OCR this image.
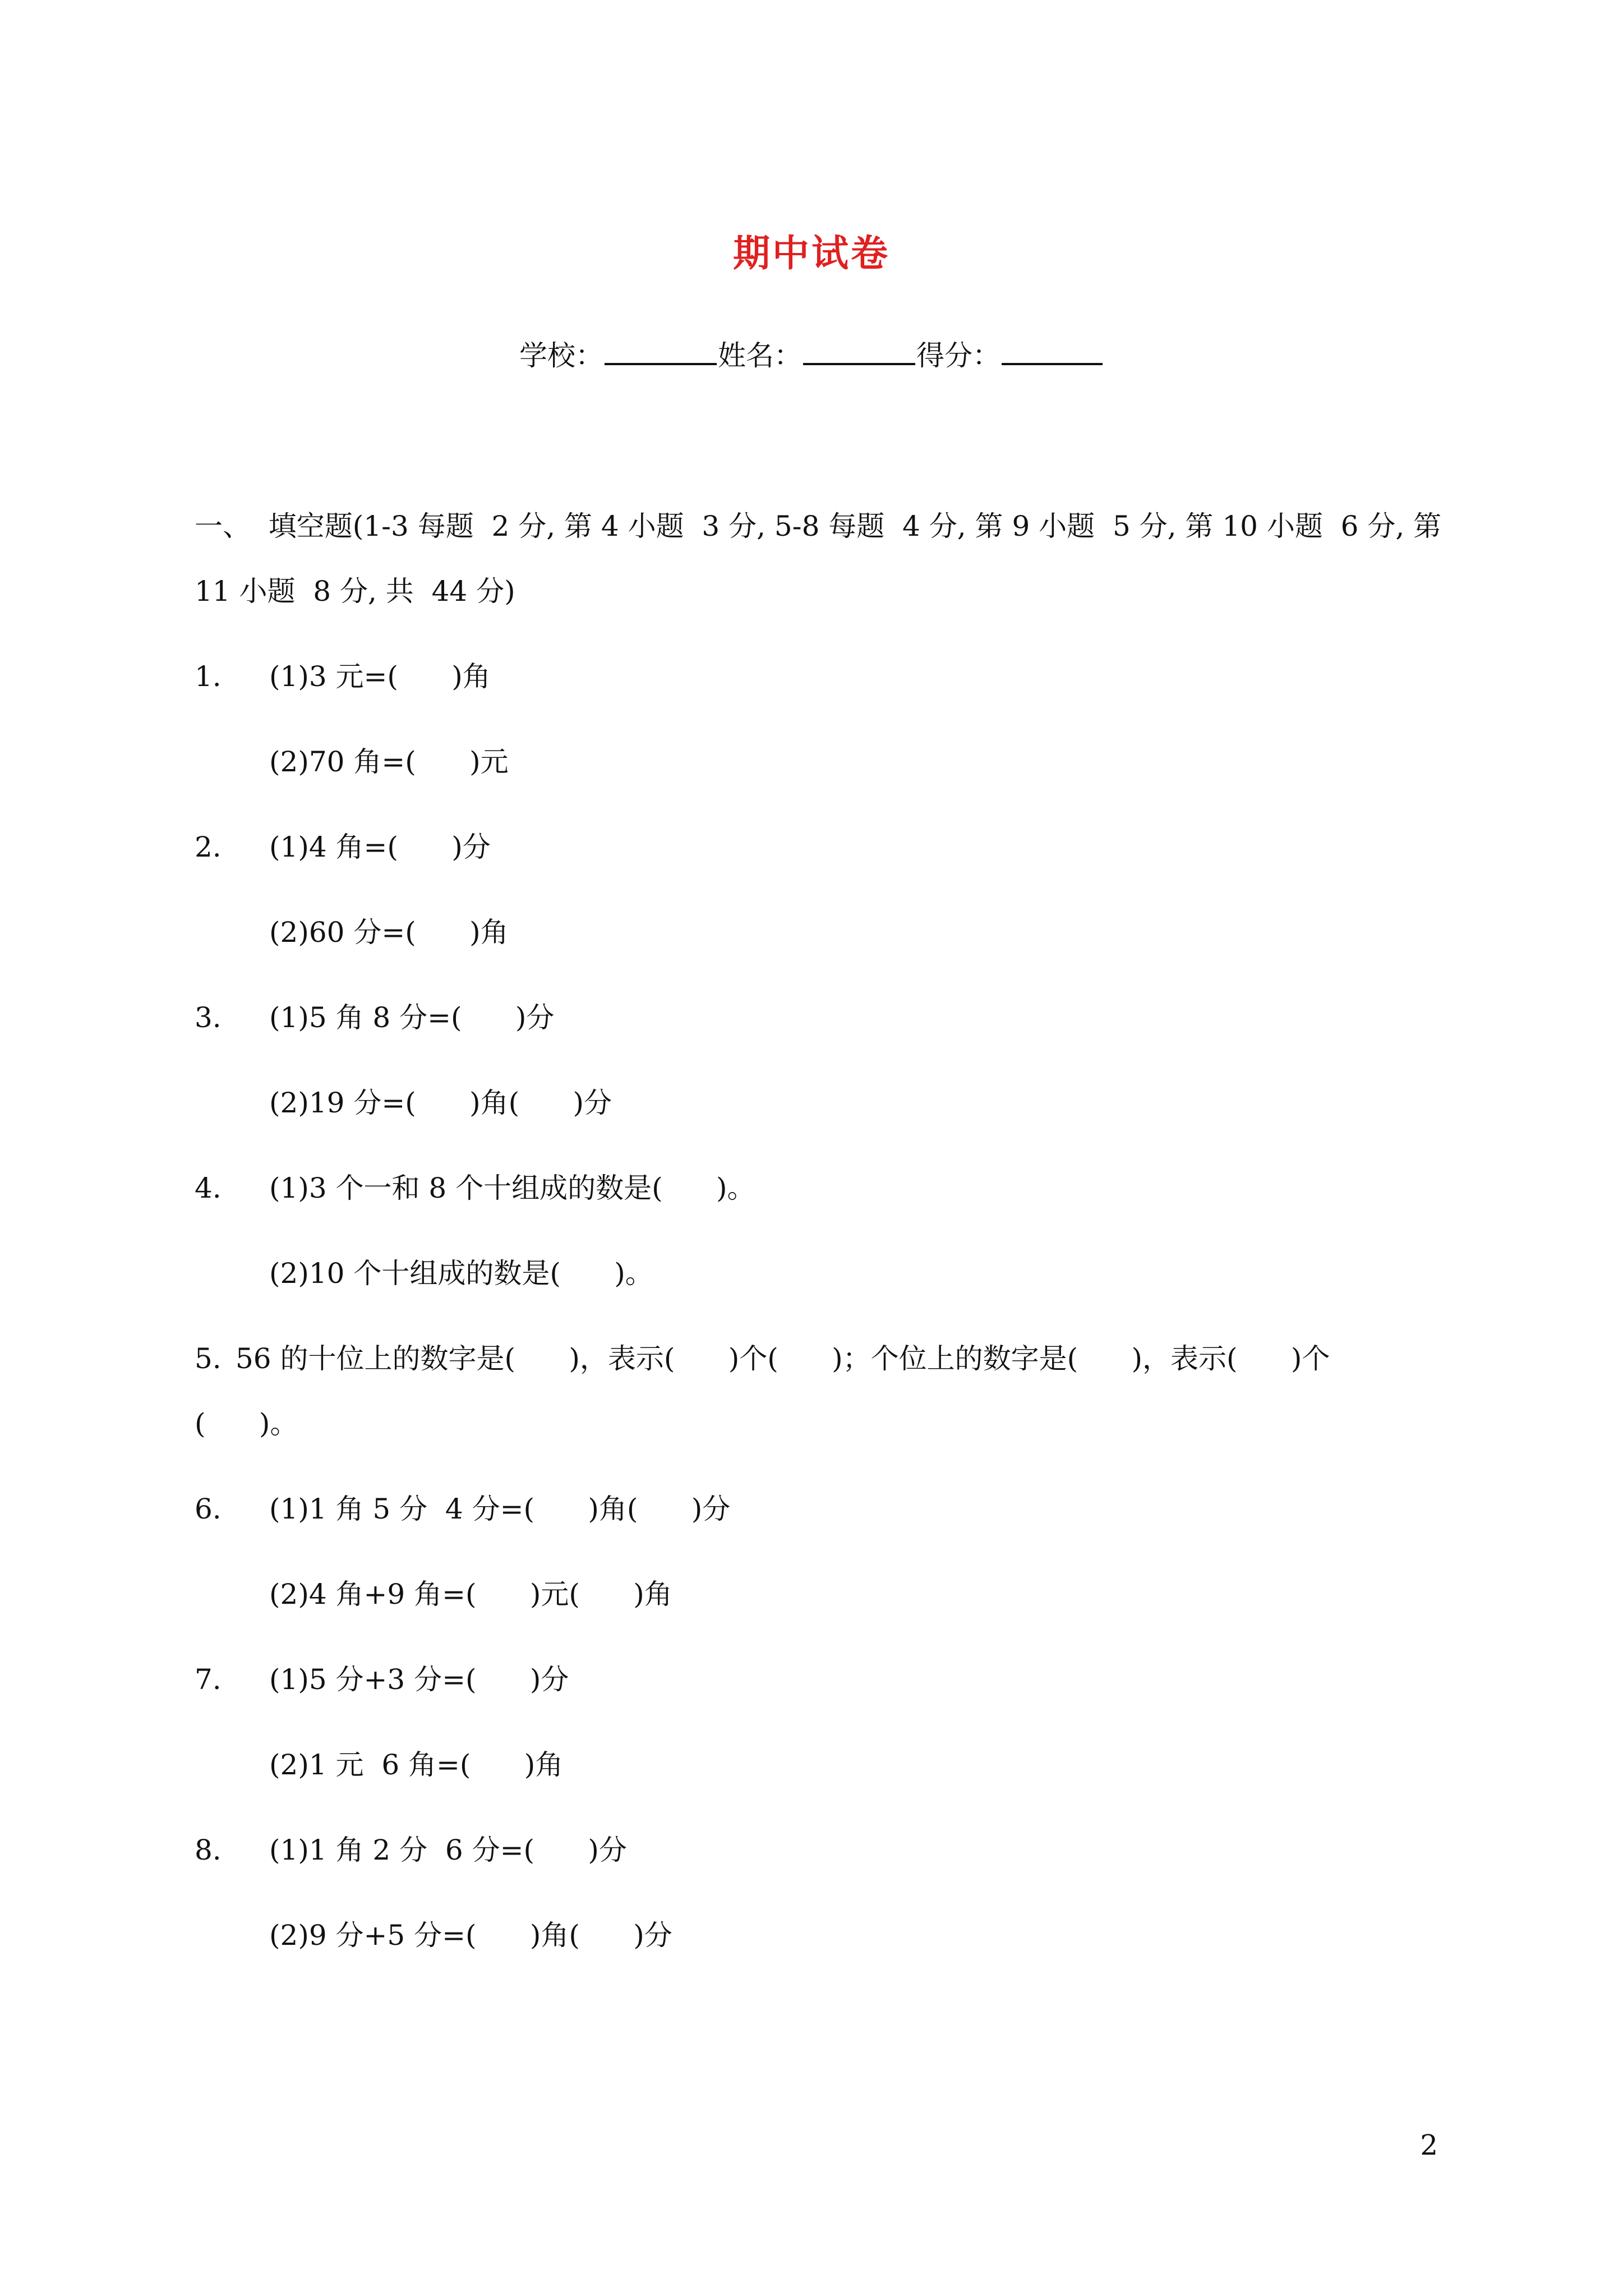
期中试卷
学校：	姓名：	得分：
一、  填空题(1-3 每题  2 分, 第 4 小题  3 分, 5-8 每题  4 分, 第 9 小题  5 分, 第 10 小题  6 分, 第
11 小题  8 分, 共  44 分)
1. (1)3 元=(      )角
(2)70 角=(      )元
2. (1)4 角=(      )分
(2)60 分=(      )角
3. (1)5 角 8 分=(      )分
(2)19 分=(      )角(      )分
4. (1)3 个一和 8 个十组成的数是(      )。
(2)10 个十组成的数是(      )。
5. 56 的十位上的数字是(      )，表示(      )个(      )；个位上的数字是(      )，表示(      )个
(      )。
6. (1)1 角 5 分  4 分=(      )角(      )分
(2)4 角+9 角=(      )元(      )角
7. (1)5 分+3 分=(      )分
(2)1 元  6 角=(      )角
8. (1)1 角 2 分  6 分=(      )分
(2)9 分+5 分=(      )角(      )分
2
